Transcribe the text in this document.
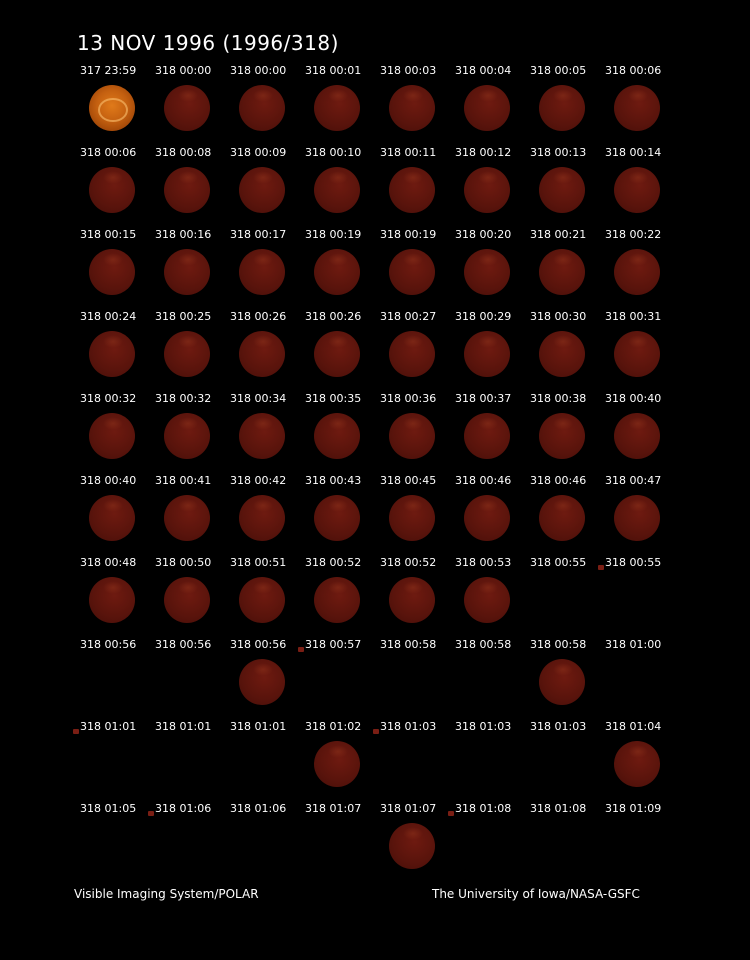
13 NOV 1996 (1996/318)
317 23:59 318 00:00 318 00:00 318 00:01 318 00:03 318 00:04 318 00:05 318 00:06
318 00:06 318 00:08 318 00:09 318 00:10 318 00:11 318 00:12 318 00:13 318 00:14
318 00:15 318 00:16 318 00:17 318 00:19 318 00:19 318 00:20 318 00:21 318 00:22
318 00:24 318 00:25 318 00:26 318 00:26 318 00:27 318 00:29 318 00:30 318 00:31
318 00:32 318 00:32 318 00:34 318 00:35 318 00:36 318 00:37 318 00:38 318 00:40
318 00:40 318 00:41 318 00:42 318 00:43 318 00:45 318 00:46 318 00:46 318 00:47
318 00:48 318 00:50 318 00:51 318 00:52 318 00:52 318 00:53 318 00:55 318 00:55
318 00:56 318 00:56 318 00:56 318 00:57 318 00:58 318 00:58 318 00:58 318 01:00
318 01:01 318 01:01 318 01:01 318 01:02 318 01:03 318 01:03 318 01:03 318 01:04
318 01:05 318 01:06 318 01:06 318 01:07 318 01:07 318 01:08 318 01:08 318 01:09
Visible Imaging System/POLAR	The University of Iowa/NASA-GSFC
